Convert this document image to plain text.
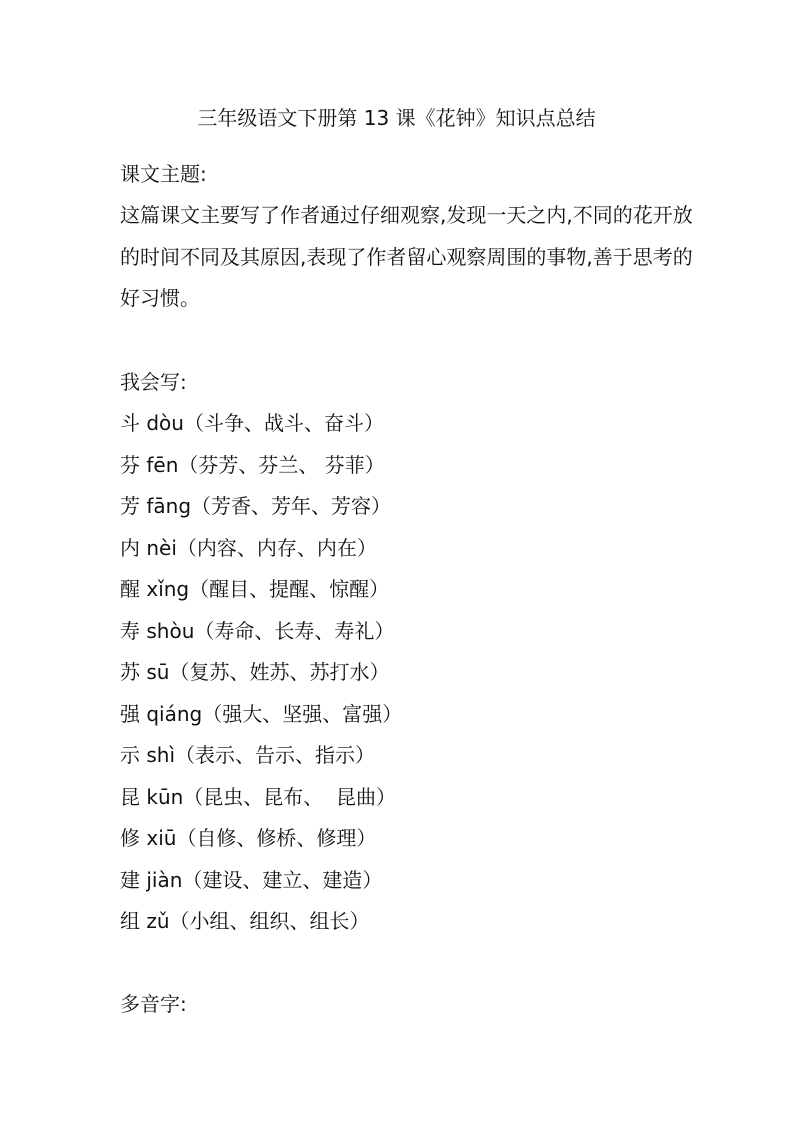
三年级语文下册第 13 课《花钟》知识点总结
课文主题:
这篇课文主要写了作者通过仔细观察,发现一天之内,不同的花开放的时间不同及其原因,表现了作者留心观察周围的事物,善于思考的好习惯。
我会写:
斗 dòu（斗争、战斗、奋斗）
芬 fēn（芬芳、芬兰、 芬菲）
芳 fāng（芳香、芳年、芳容）
内 nèi（内容、内存、内在）
醒 xǐng（醒目、提醒、惊醒）
寿 shòu（寿命、长寿、寿礼）
苏 sū（复苏、姓苏、苏打水）
强 qiáng（强大、坚强、富强）
示 shì（表示、告示、指示）
昆 kūn（昆虫、昆布、  昆曲）
修 xiū（自修、修桥、修理）
建 jiàn（建设、建立、建造）
组 zǔ（小组、组织、组长）
多音字:
